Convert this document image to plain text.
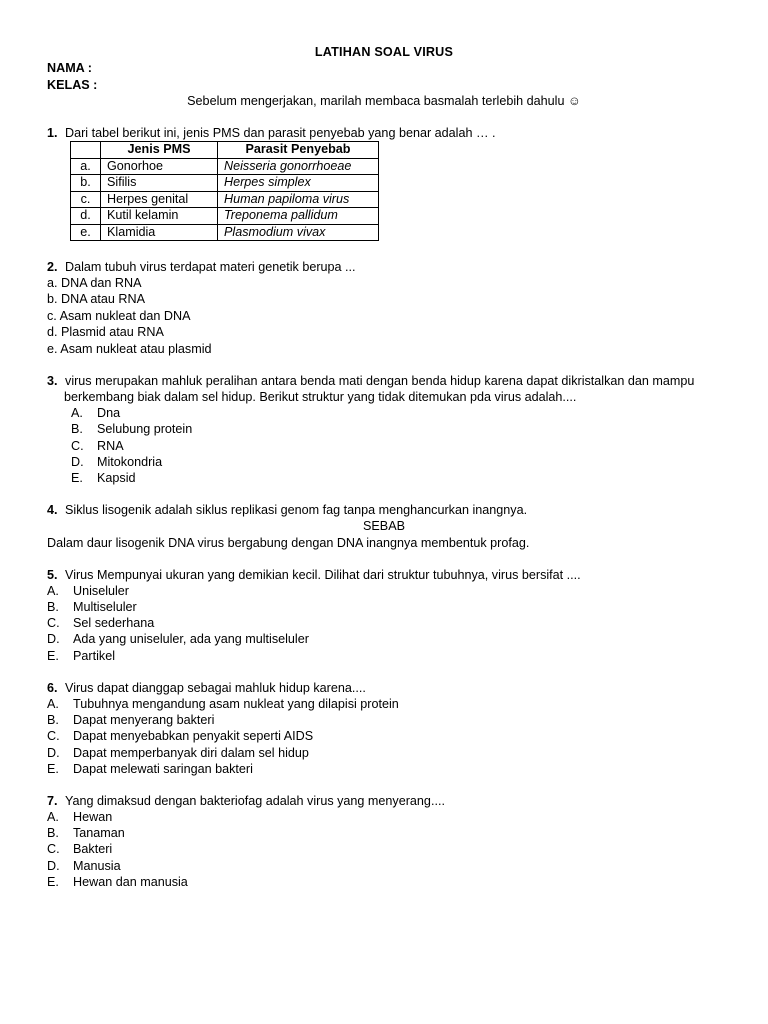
LATIHAN SOAL VIRUS
NAMA :
KELAS :
Sebelum mengerjakan, marilah membaca basmalah terlebih dahulu ☺
1. Dari tabel berikut ini, jenis PMS dan parasit penyebab yang benar adalah … .
	Jenis PMS	Parasit Penyebab
a.	Gonorhoe	Neisseria gonorrhoeae
b.	Sifilis	Herpes simplex
c.	Herpes genital	Human papiloma virus
d.	Kutil kelamin	Treponema pallidum
e.	Klamidia	Plasmodium vivax
2. Dalam tubuh virus terdapat materi genetik berupa ...
a. DNA dan RNA
b. DNA atau RNA
c. Asam nukleat dan DNA
d. Plasmid atau RNA
e. Asam nukleat atau plasmid
3. virus merupakan mahluk peralihan antara benda mati dengan benda hidup karena dapat dikristalkan dan mampu
berkembang biak dalam sel hidup. Berikut struktur yang tidak ditemukan pda virus adalah....
A. Dna
B. Selubung protein
C. RNA
D. Mitokondria
E. Kapsid
4. Siklus lisogenik adalah siklus replikasi genom fag tanpa menghancurkan inangnya.
SEBAB
Dalam daur lisogenik DNA virus bergabung dengan DNA inangnya membentuk profag.
5. Virus Mempunyai ukuran yang demikian kecil. Dilihat dari struktur tubuhnya, virus bersifat ....
A. Uniseluler
B. Multiseluler
C. Sel sederhana
D. Ada yang uniseluler, ada yang multiseluler
E. Partikel
6. Virus dapat dianggap sebagai mahluk hidup karena....
A. Tubuhnya mengandung asam nukleat yang dilapisi protein
B. Dapat menyerang bakteri
C. Dapat menyebabkan penyakit seperti AIDS
D. Dapat memperbanyak diri dalam sel hidup
E. Dapat melewati saringan bakteri
7. Yang dimaksud dengan bakteriofag adalah virus yang menyerang....
A. Hewan
B. Tanaman
C. Bakteri
D. Manusia
E. Hewan dan manusia
